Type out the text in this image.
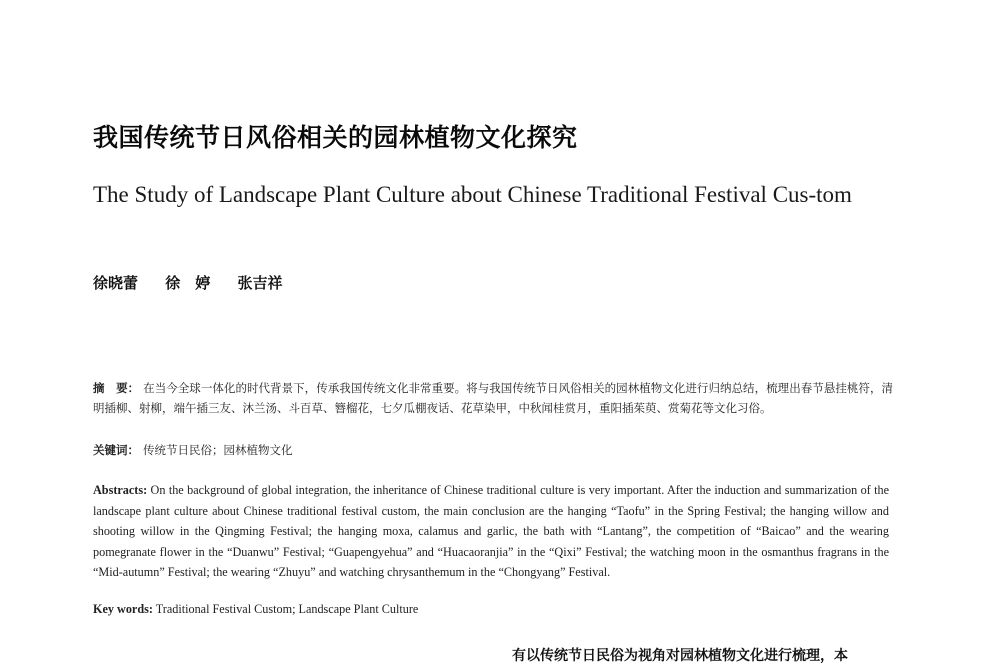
我国传统节日风俗相关的园林植物文化探究
The Study of Landscape Plant Culture about Chinese Traditional Festival Cus-tom
徐晓蕾 徐　婷 张吉祥

摘　要： 在当今全球一体化的时代背景下，传承我国传统文化非常重要。将与我国传统节日风俗相关的园林植物文化进行归纳总结，梳理出春节悬挂桃符，清明插柳、射柳，端午插三友、沐兰汤、斗百草、簪榴花，七夕瓜棚夜话、花草染甲，中秋闻桂赏月，重阳插茱萸、赏菊花等文化习俗。

关键词： 传统节日民俗；园林植物文化

Abstracts: On the background of global integration, the inheritance of Chinese traditional culture is very important. After the induction and summarization of the landscape plant culture about Chinese traditional festival custom, the main conclusion are the hanging “Taofu” in the Spring Festival; the hanging willow and shooting willow in the Qingming Festival; the hanging moxa, calamus and garlic, the bath with “Lantang”, the competition of “Baicao” and the wearing pomegranate flower in the “Duanwu” Festival; “Guapengyehua” and “Huacaoranjia” in the “Qixi” Festival; the watching moon in the osmanthus fragrans in the “Mid-autumn” Festival; the wearing “Zhuyu” and watching chrysanthemum in the “Chongyang” Festival.

Key words: Traditional Festival Custom; Landscape Plant Culture

有以传统节日民俗为视角对园林植物文化进行梳理，本
